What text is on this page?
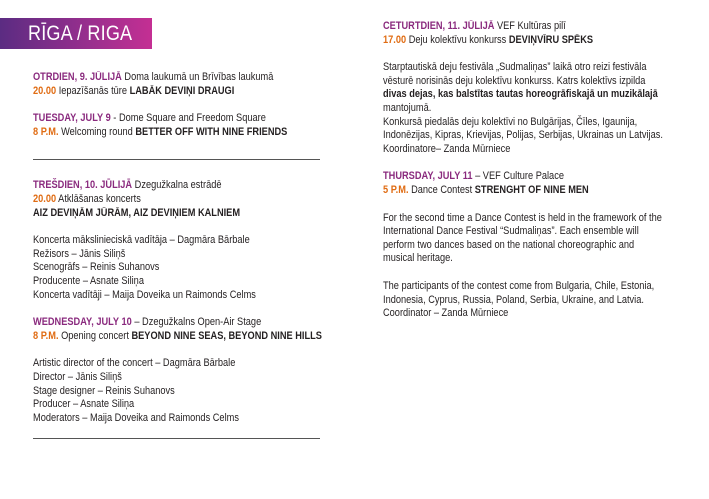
RĪGA / RIGA
OTRDIEN, 9. JŪLIJĀ Doma laukumā un Brīvības laukumā
20.00 Iepazīšanās tūre LABĀK DEVIŅI DRAUGI
TUESDAY, JULY 9 - Dome Square and Freedom Square
8 P.M. Welcoming round BETTER OFF WITH NINE FRIENDS
TREŠDIEN, 10. JŪLIJĀ Dzegužkalna estrādē
20.00 Atklāšanas koncerts
AIZ DEVIŅĀM JŪRĀM, AIZ DEVIŅIEM KALNIEM
Koncerta mākslinieciskā vadītāja – Dagmāra Bārbale
Režisors – Jānis Siliņš
Scenogrāfs – Reinis Suhanovs
Producente – Asnate Siliņa
Koncerta vadītāji – Maija Doveika un Raimonds Celms
WEDNESDAY, JULY 10 – Dzegužkalns Open-Air Stage
8 P.M. Opening concert BEYOND NINE SEAS, BEYOND NINE HILLS
Artistic director of the concert – Dagmāra Bārbale
Director – Jānis Siliņš
Stage designer – Reinis Suhanovs
Producer – Asnate Siliņa
Moderators – Maija Doveika and Raimonds Celms
CETURTDIEN, 11. JŪLIJĀ VEF Kultūras pilī
17.00 Deju kolektīvu konkurss DEVIŅVĪRU SPĒKS
Starptautiskā deju festivāla „Sudmaliņas” laikā otro reizi festivāla
vēsturē norisinās deju kolektīvu konkurss. Katrs kolektīvs izpilda
divas dejas, kas balstītas tautas horeogrāfiskajā un muzikālajā
mantojumā.
Konkursā piedalās deju kolektīvi no Bulgārijas, Čīles, Igaunija,
Indonēzijas, Kipras, Krievijas, Polijas, Serbijas, Ukrainas un Latvijas.
Koordinatore– Zanda Mūrniece
THURSDAY, JULY 11 – VEF Culture Palace
5 P.M. Dance Contest STRENGHT OF NINE MEN
For the second time a Dance Contest is held in the framework of the
International Dance Festival “Sudmaliņas”. Each ensemble will
perform two dances based on the national choreographic and
musical heritage.
The participants of the contest come from Bulgaria, Chile, Estonia,
Indonesia, Cyprus, Russia, Poland, Serbia, Ukraine, and Latvia.
Coordinator – Zanda Mūrniece
